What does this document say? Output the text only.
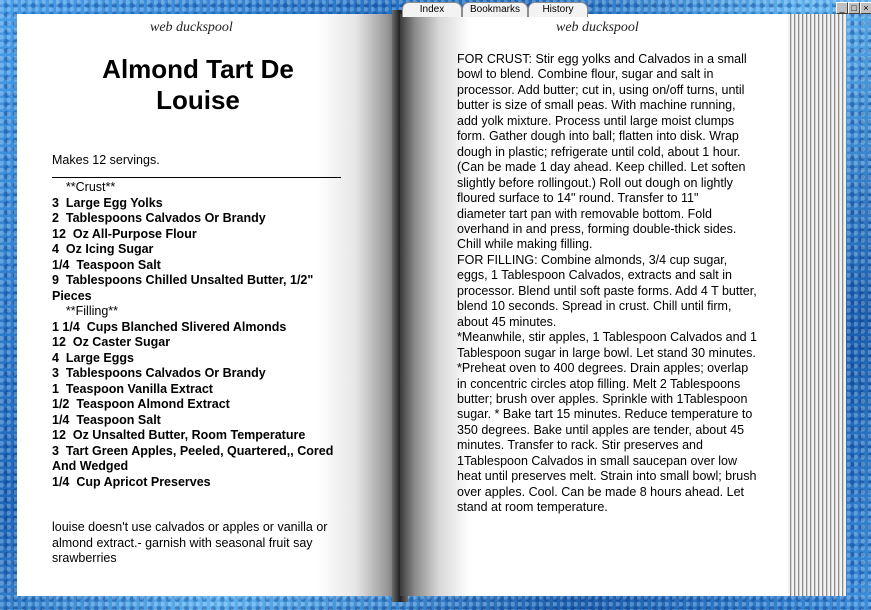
web duckspool
Almond Tart De
Louise
Makes 12 servings.
**Crust**
3  Large Egg Yolks
2  Tablespoons Calvados Or Brandy
12  Oz All-Purpose Flour
4  Oz Icing Sugar
1/4  Teaspoon Salt
9  Tablespoons Chilled Unsalted Butter, 1/2" Pieces
**Filling**
1 1/4  Cups Blanched Slivered Almonds
12  Oz Caster Sugar
4  Large Eggs
3  Tablespoons Calvados Or Brandy
1  Teaspoon Vanilla Extract
1/2  Teaspoon Almond Extract
1/4  Teaspoon Salt
12  Oz Unsalted Butter, Room Temperature
3  Tart Green Apples, Peeled, Quartered,, Cored And Wedged
1/4  Cup Apricot Preserves
louise doesn't use calvados or apples or vanilla or almond extract.- garnish with seasonal fruit say srawberries
web duckspool

FOR CRUST: Stir egg yolks and Calvados in a small bowl to blend. Combine flour, sugar and salt in processor. Add butter; cut in, using on/off turns, until butter is size of small peas. With machine running, add yolk mixture. Process until large moist clumps form. Gather dough into ball; flatten into disk. Wrap dough in plastic; refrigerate until cold, about 1 hour. (Can be made 1 day ahead. Keep chilled. Let soften slightly before rollingout.) Roll out dough on lightly floured surface to 14" round. Transfer to 11"

diameter tart pan with removable bottom. Fold overhand in and press, forming double-thick sides. Chill while making filling.

FOR FILLING: Combine almonds, 3/4 cup sugar, eggs, 1 Tablespoon Calvados, extracts and salt in processor. Blend until soft paste forms. Add 4 T butter, blend 10 seconds. Spread in crust. Chill until firm, about 45 minutes.

*Meanwhile, stir apples, 1 Tablespoon Calvados and 1 Tablespoon sugar in large bowl. Let stand 30 minutes.

*Preheat oven to 400 degrees. Drain apples; overlap in concentric circles atop filling. Melt 2 Tablespoons butter; brush over apples. Sprinkle with 1Tablespoon sugar. * Bake tart 15 minutes. Reduce temperature to 350 degrees. Bake until apples are tender, about 45 minutes. Transfer to rack. Stir preserves and 1Tablespoon Calvados in small saucepan over low heat until preserves melt. Strain into small bowl; brush over apples. Cool. Can be made 8 hours ahead. Let stand at room temperature.

Index	Bookmarks	History	_ □ ×
